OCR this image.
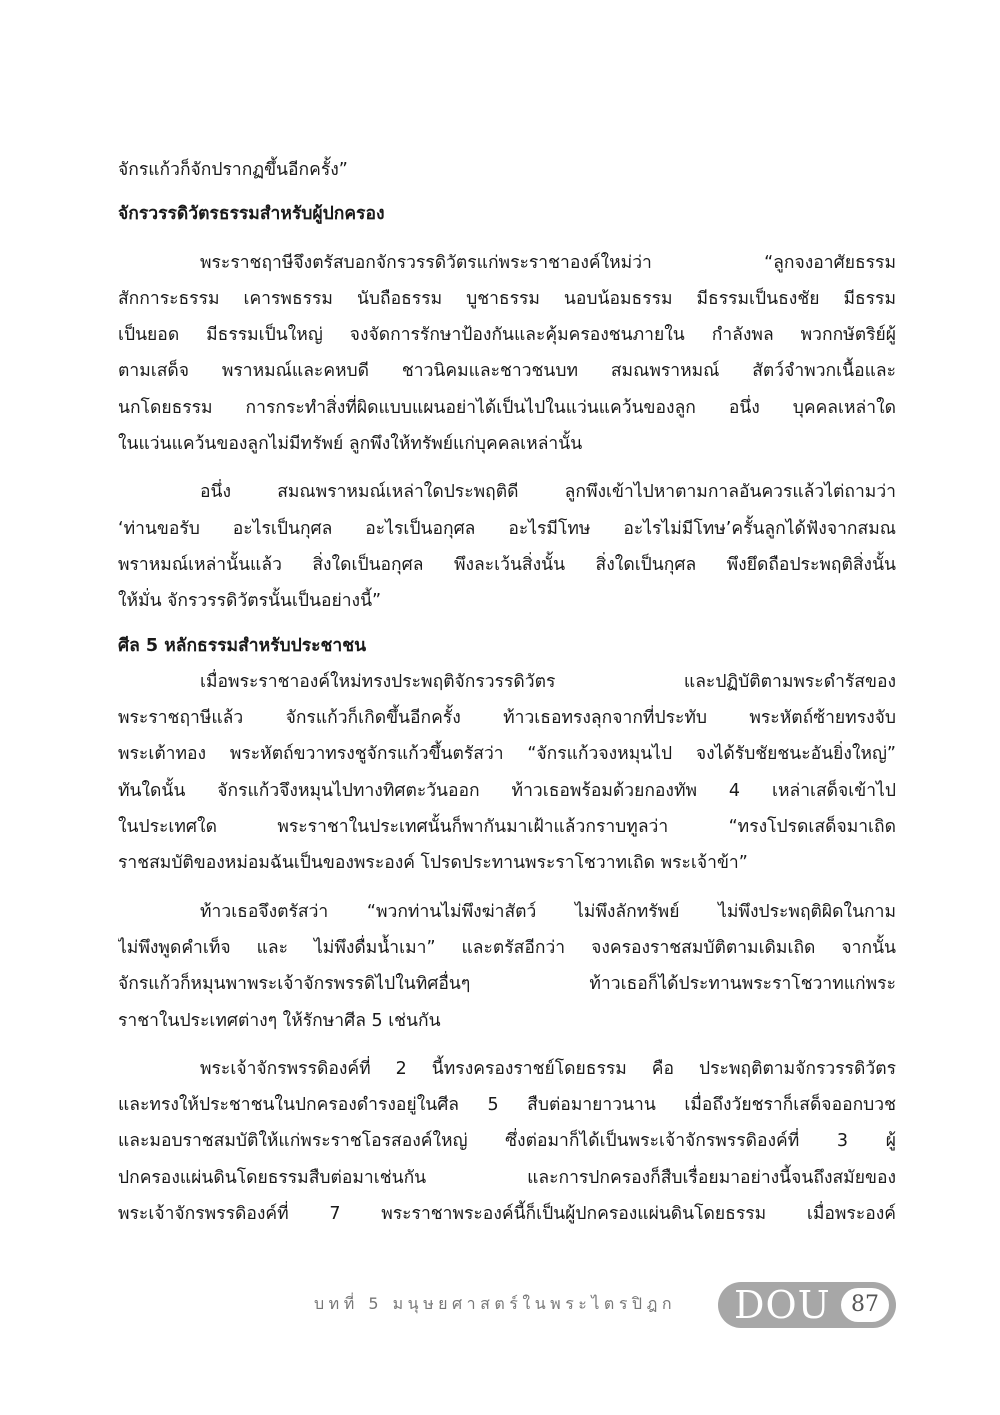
จักรแก้วก็จักปรากฏขึ้นอีกครั้ง”
จักรวรรดิวัตรธรรมสำหรับผู้ปกครอง
พระราชฤาษีจึงตรัสบอกจักรวรรดิวัตรแก่พระราชาองค์ใหม่ว่า “ลูกจงอาศัยธรรม
สักการะธรรม เคารพธรรม นับถือธรรม บูชาธรรม นอบน้อมธรรม มีธรรมเป็นธงชัย มีธรรม
เป็นยอด มีธรรมเป็นใหญ่ จงจัดการรักษาป้องกันและคุ้มครองชนภายใน กำลังพล พวกกษัตริย์ผู้
ตามเสด็จ พราหมณ์และคหบดี ชาวนิคมและชาวชนบท สมณพราหมณ์ สัตว์จำพวกเนื้อและ
นกโดยธรรม การกระทำสิ่งที่ผิดแบบแผนอย่าได้เป็นไปในแว่นแคว้นของลูก อนึ่ง บุคคลเหล่าใด
ในแว่นแคว้นของลูกไม่มีทรัพย์ ลูกพึงให้ทรัพย์แก่บุคคลเหล่านั้น
อนึ่ง สมณพราหมณ์เหล่าใดประพฤติดี ลูกพึงเข้าไปหาตามกาลอันควรแล้วไต่ถามว่า
‘ท่านขอรับ อะไรเป็นกุศล อะไรเป็นอกุศล อะไรมีโทษ อะไรไม่มีโทษ’ครั้นลูกได้ฟังจากสมณ
พราหมณ์เหล่านั้นแล้ว สิ่งใดเป็นอกุศล พึงละเว้นสิ่งนั้น สิ่งใดเป็นกุศล พึงยึดถือประพฤติสิ่งนั้น
ให้มั่น จักรวรรดิวัตรนั้นเป็นอย่างนี้”
ศีล 5 หลักธรรมสำหรับประชาชน
เมื่อพระราชาองค์ใหม่ทรงประพฤติจักรวรรดิวัตร และปฏิบัติตามพระดำรัสของ
พระราชฤาษีแล้ว จักรแก้วก็เกิดขึ้นอีกครั้ง ท้าวเธอทรงลุกจากที่ประทับ พระหัตถ์ซ้ายทรงจับ
พระเต้าทอง พระหัตถ์ขวาทรงชูจักรแก้วขึ้นตรัสว่า “จักรแก้วจงหมุนไป จงได้รับชัยชนะอันยิ่งใหญ่”
ทันใดนั้น จักรแก้วจึงหมุนไปทางทิศตะวันออก ท้าวเธอพร้อมด้วยกองทัพ 4 เหล่าเสด็จเข้าไป
ในประเทศใด พระราชาในประเทศนั้นก็พากันมาเฝ้าแล้วกราบทูลว่า “ทรงโปรดเสด็จมาเถิด
ราชสมบัติของหม่อมฉันเป็นของพระองค์ โปรดประทานพระราโชวาทเถิด พระเจ้าข้า”
ท้าวเธอจึงตรัสว่า “พวกท่านไม่พึงฆ่าสัตว์ ไม่พึงลักทรัพย์ ไม่พึงประพฤติผิดในกาม
ไม่พึงพูดคำเท็จ และ ไม่พึงดื่มน้ำเมา” และตรัสอีกว่า จงครองราชสมบัติตามเดิมเถิด จากนั้น
จักรแก้วก็หมุนพาพระเจ้าจักรพรรดิไปในทิศอื่นๆ ท้าวเธอก็ได้ประทานพระราโชวาทแก่พระ
ราชาในประเทศต่างๆ ให้รักษาศีล 5 เช่นกัน
พระเจ้าจักรพรรดิองค์ที่ 2 นี้ทรงครองราชย์โดยธรรม คือ ประพฤติตามจักรวรรดิวัตร
และทรงให้ประชาชนในปกครองดำรงอยู่ในศีล 5 สืบต่อมายาวนาน เมื่อถึงวัยชราก็เสด็จออกบวช
และมอบราชสมบัติให้แก่พระราชโอรสองค์ใหญ่ ซึ่งต่อมาก็ได้เป็นพระเจ้าจักรพรรดิองค์ที่ 3 ผู้
ปกครองแผ่นดินโดยธรรมสืบต่อมาเช่นกัน และการปกครองก็สืบเรื่อยมาอย่างนี้จนถึงสมัยของ
พระเจ้าจักรพรรดิองค์ที่ 7 พระราชาพระองค์นี้ก็เป็นผู้ปกครองแผ่นดินโดยธรรม เมื่อพระองค์
บทที่ 5 มนุษยศาสตร์ในพระไตรปิฎก DOU 87
